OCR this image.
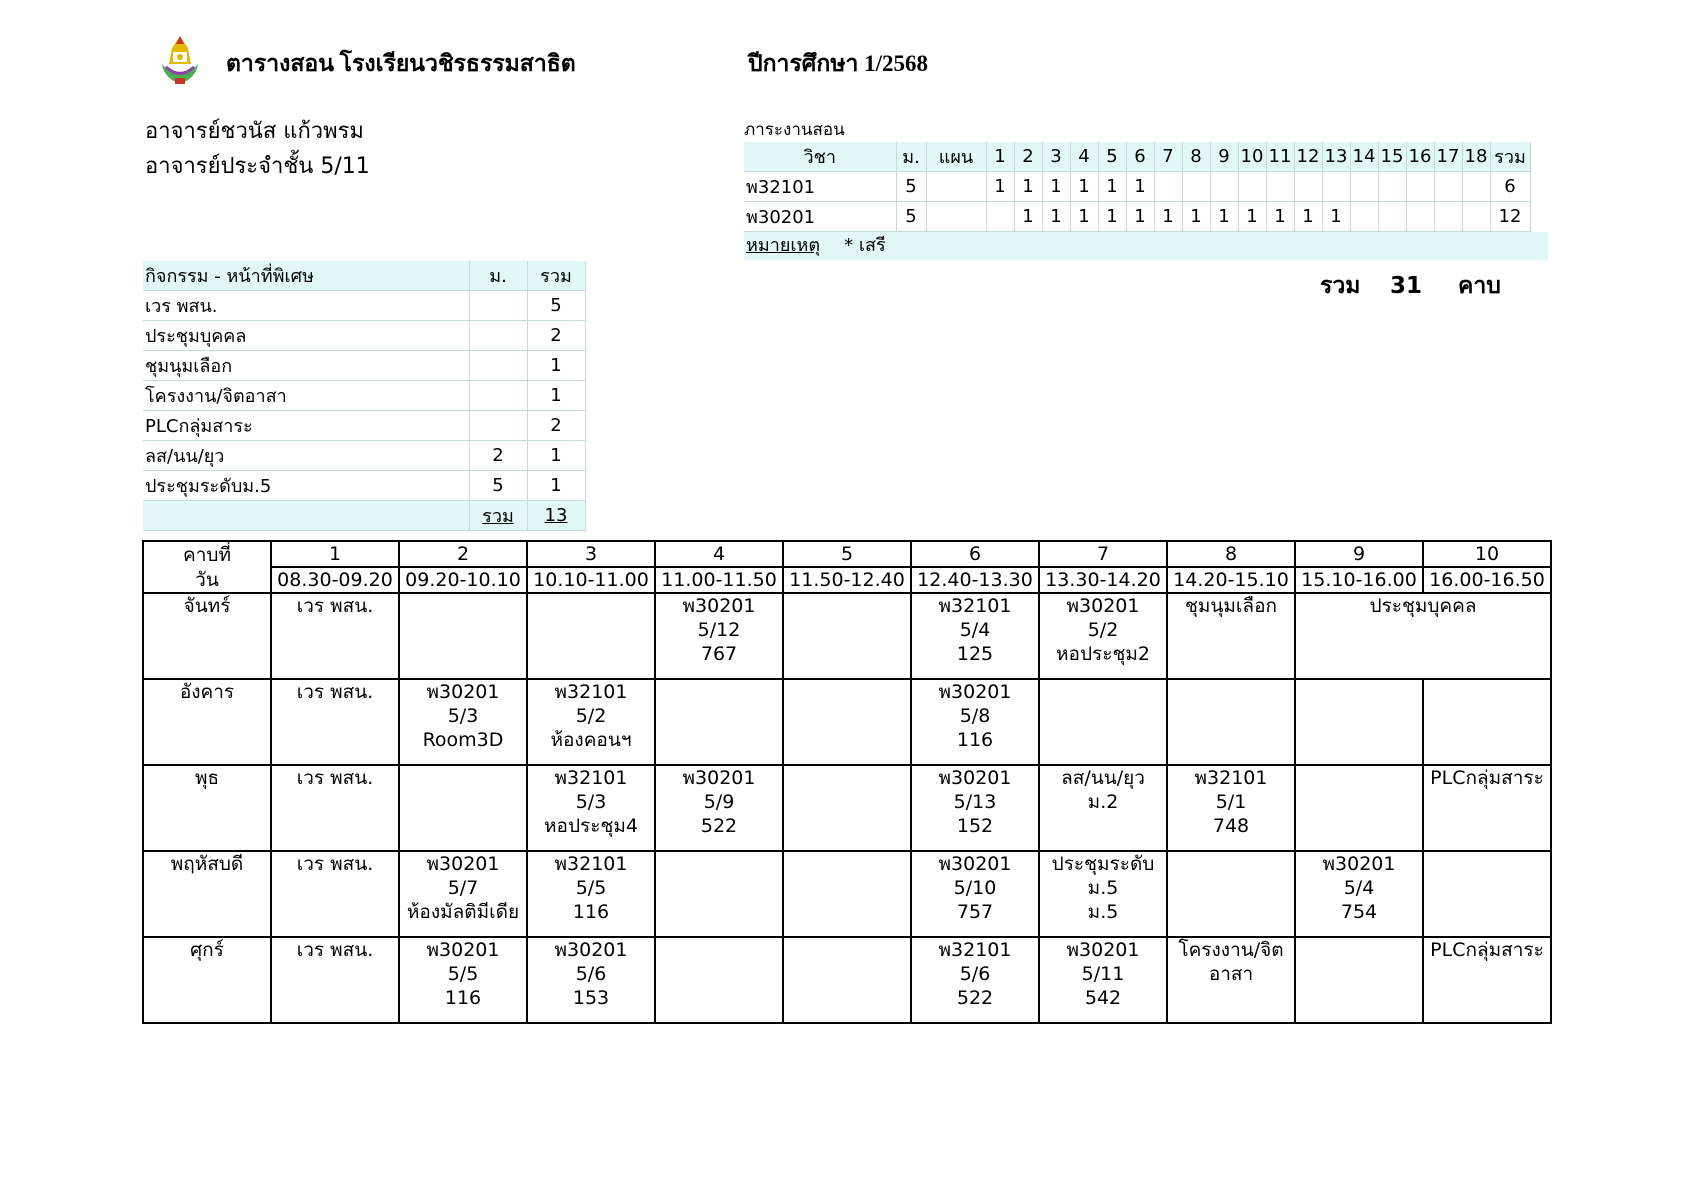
ตารางสอน โรงเรียนวชิรธรรมสาธิต	ปีการศึกษา 1/2568
อาจารย์ชวนัส แก้วพรม
อาจารย์ประจำชั้น 5/11
ภาระงานสอน
วิชา	ม.	แผน	1	2	3	4	5	6	7	8	9	10	11	12	13	14	15	16	17	18	รวม
พ32101	5		1	1	1	1	1	1													6
พ30201	5			1	1	1	1	1	1	1	1	1	1	1	1						12
หมายเหตุ * เสรี
รวม 31 คาบ
กิจกรรม - หน้าที่พิเศษ	ม.	รวม
เวร พสน.		5
ประชุมบุคคล		2
ชุมนุมเลือก		1
โครงงาน/จิตอาสา		1
PLCกลุ่มสาระ		2
ลส/นน/ยุว	2	1
ประชุมระดับม.5	5	1
	รวม	13
คาบที่	1	2	3	4	5	6	7	8	9	10
วัน	08.30-09.20	09.20-10.10	10.10-11.00	11.00-11.50	11.50-12.40	12.40-13.30	13.30-14.20	14.20-15.10	15.10-16.00	16.00-16.50
จันทร์	เวร พสน.			พ30201
5/12
767		พ32101
5/4
125	พ30201
5/2
หอประชุม2	ชุมนุมเลือก	ประชุมบุคคล	

อังคาร	เวร พสน.	พ30201
5/3
Room3D	พ32101
5/2
ห้องคอนฯ			พ30201
5/8
116				

พุธ	เวร พสน.		พ32101
5/3
หอประชุม4	พ30201
5/9
522		พ30201
5/13
152	ลส/นน/ยุว
ม.2	พ32101
5/1
748		PLCกลุ่มสาระ

พฤหัสบดี	เวร พสน.	พ30201
5/7
ห้องมัลติมีเดีย	พ32101
5/5
116			พ30201
5/10
757	ประชุมระดับ
ม.5
ม.5		พ30201
5/4
754	

ศุกร์	เวร พสน.	พ30201
5/5
116	พ30201
5/6
153			พ32101
5/6
522	พ30201
5/11
542	โครงงาน/จิต
อาสา		PLCกลุ่มสาระ
